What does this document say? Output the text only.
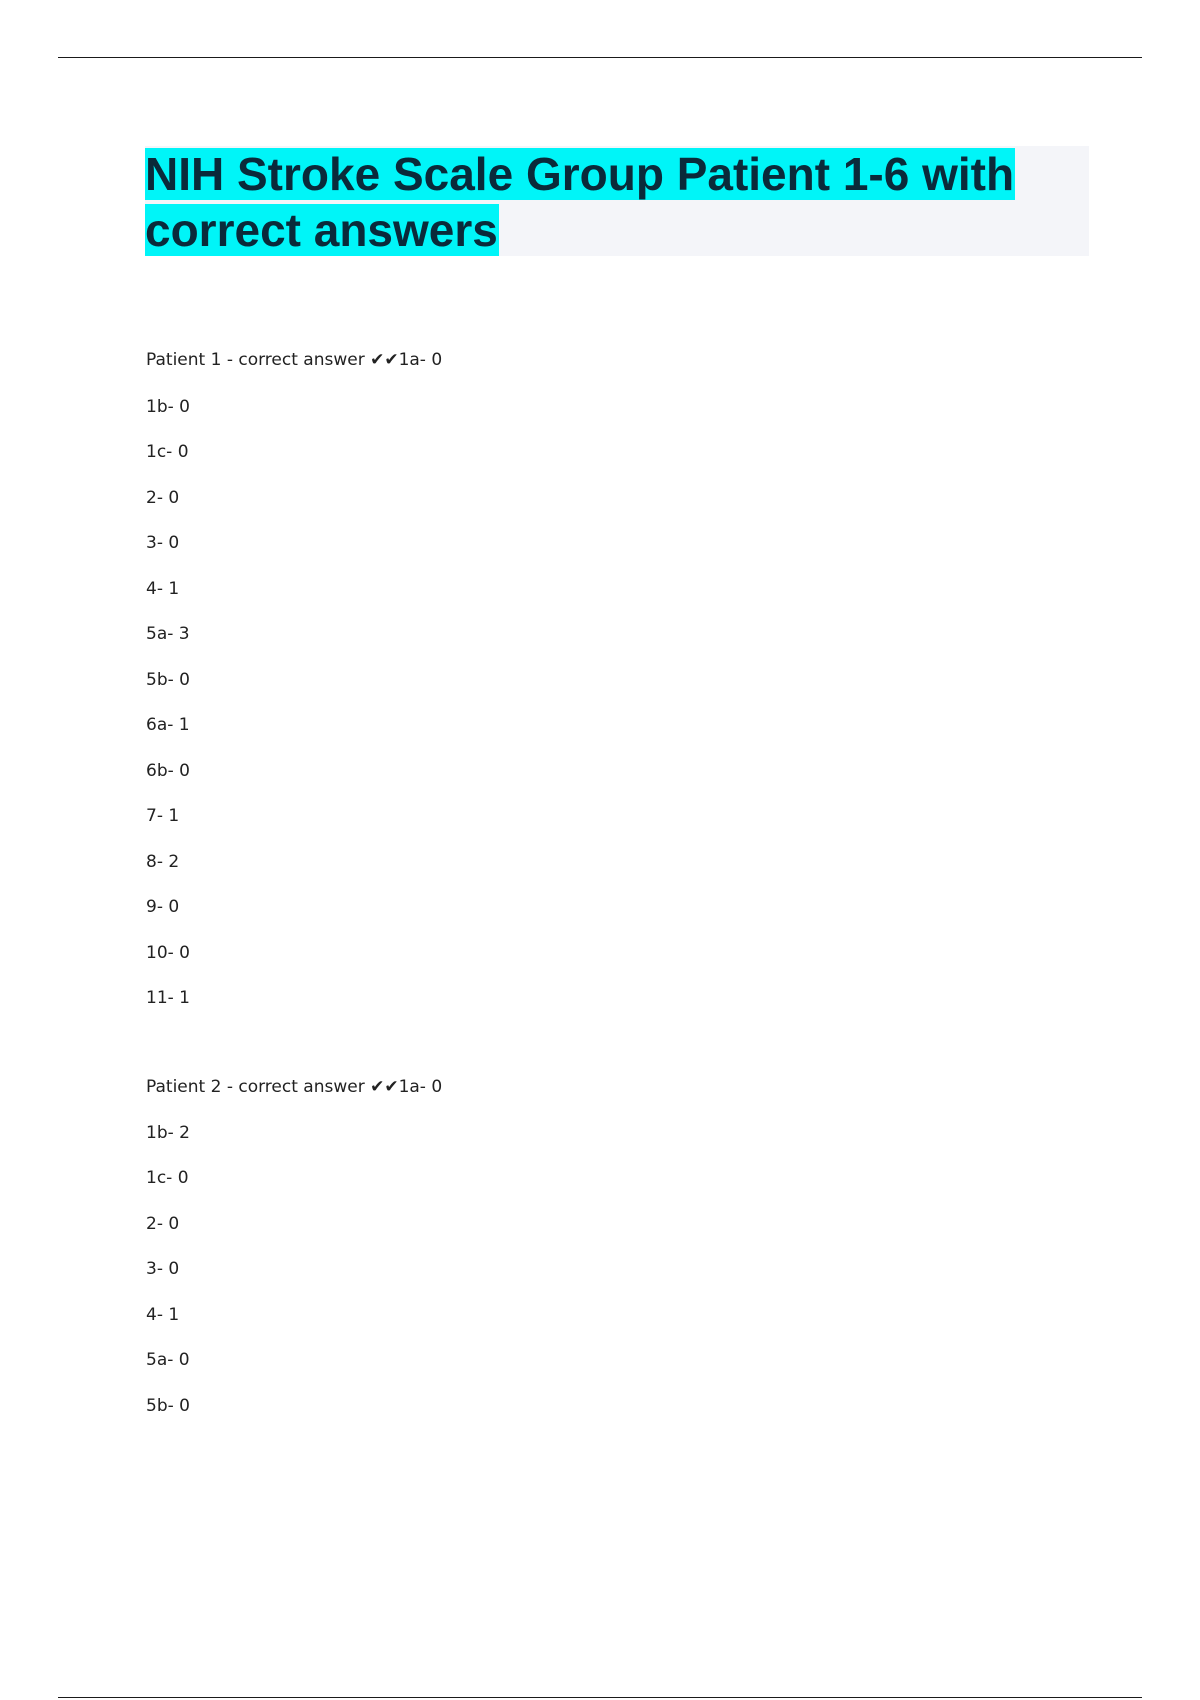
NIH Stroke Scale Group Patient 1-6 with correct answers
Patient 1 - correct answer ✔✔1a- 0
1b- 0
1c- 0
2- 0
3- 0
4- 1
5a- 3
5b- 0
6a- 1
6b- 0
7- 1
8- 2
9- 0
10- 0
11- 1
Patient 2 - correct answer ✔✔1a- 0
1b- 2
1c- 0
2- 0
3- 0
4- 1
5a- 0
5b- 0
